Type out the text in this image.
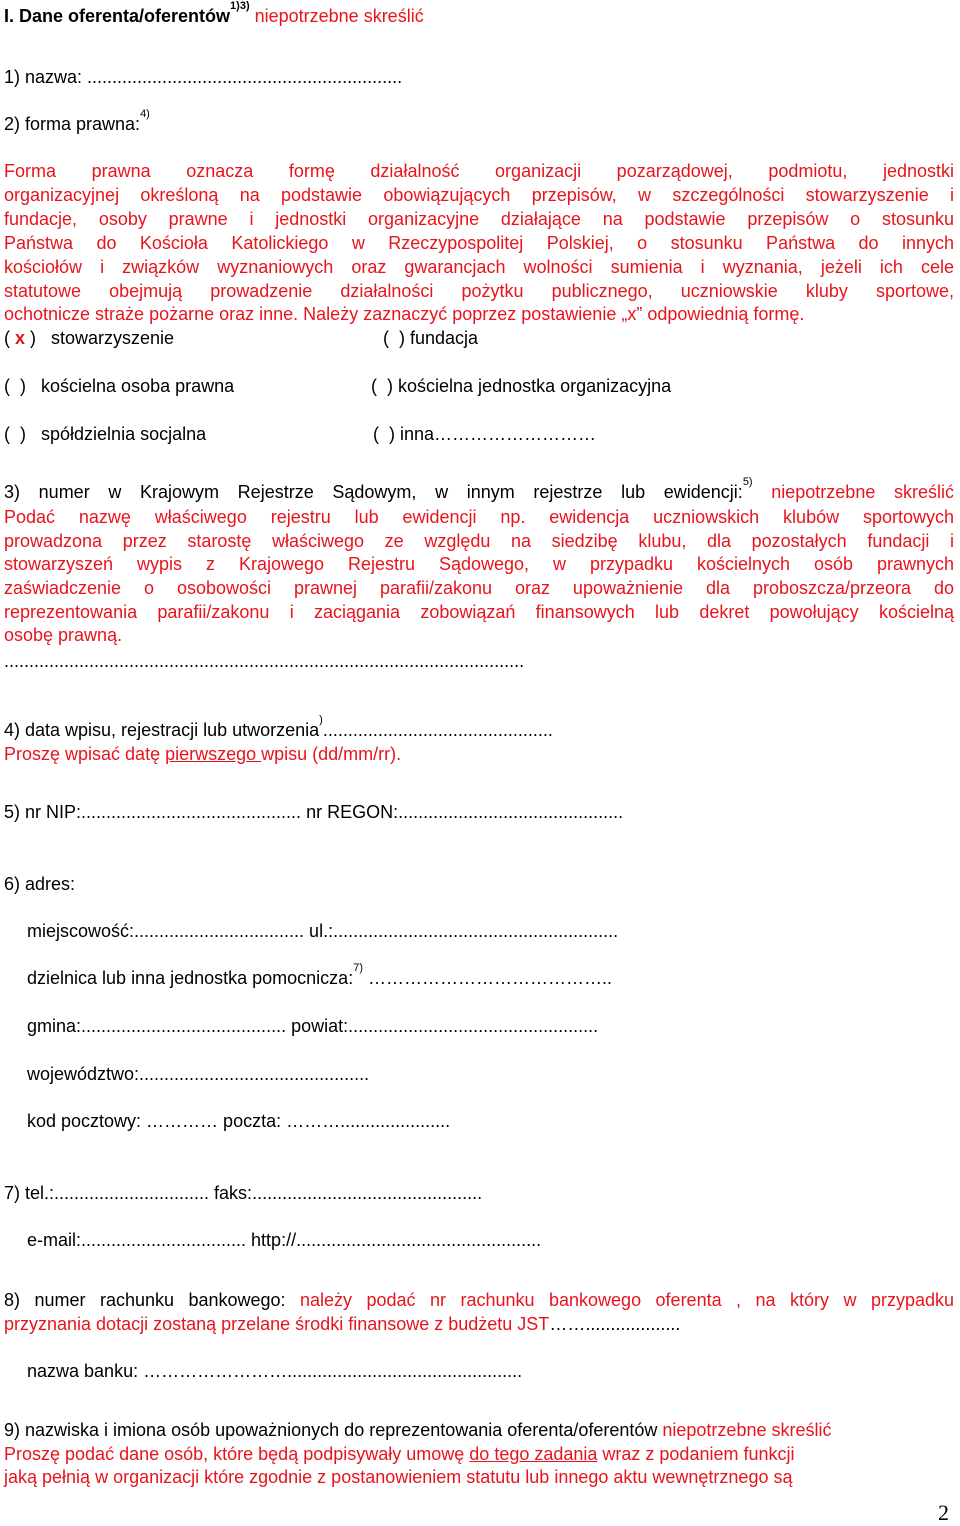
I. Dane oferenta/oferentów$^{1)3)}$ niepotrzebne skreślić
1) nazwa: ...............................................................
2) forma prawna:$^{4)}$
Forma prawna oznacza formę działalność organizacji pozarządowej, podmiotu, jednostki
organizacyjnej określoną na podstawie obowiązujących przepisów, w szczególności stowarzyszenie i
fundacje, osoby prawne i jednostki organizacyjne działające na podstawie przepisów o stosunku
Państwa do Kościoła Katolickiego w Rzeczypospolitej Polskiej, o stosunku Państwa do innych
kościołów i związków wyznaniowych oraz gwarancjach wolności sumienia i wyznania, jeżeli ich cele
statutowe obejmują prowadzenie działalności pożytku publicznego, uczniowskie kluby sportowe,
ochotnicze straże pożarne oraz inne. Należy zaznaczyć poprzez postawienie „x” odpowiednią formę.
( x )   stowarzyszenie	(  ) fundacja
(  )   kościelna osoba prawna	(  ) kościelna jednostka organizacyjna
(  )   spółdzielnia socjalna	(  ) inna………………………
3) numer w Krajowym Rejestrze Sądowym, w innym rejestrze lub ewidencji:$^{5)}$ niepotrzebne skreślić
Podać nazwę właściwego rejestru lub ewidencji np. ewidencja uczniowskich klubów sportowych
prowadzona przez starostę właściwego ze względu na siedzibę klubu, dla pozostałych fundacji i
stowarzyszeń wypis z Krajowego Rejestru Sądowego, w przypadku kościelnych osób prawnych
zaświadczenie o osobowości prawnej parafii/zakonu oraz upoważnienie dla proboszcza/przeora do
reprezentowania parafii/zakonu i zaciągania zobowiązań finansowych lub dekret powołujący kościelną
osobę prawną.
........................................................................................................
4) data wpisu, rejestracji lub utworzenia)..............................................
Proszę wpisać datę pierwszego wpisu (dd/mm/rr).
5) nr NIP:............................................ nr REGON:.............................................
6) adres:
miejscowość:.................................. ul.:.........................................................
dzielnica lub inna jednostka pomocnicza:$^{7)}$ …………………………………..
gmina:......................................... powiat:..................................................
województwo:..............................................
kod pocztowy: ………… poczta: ………......................
7) tel.:............................... faks:..............................................
e-mail:................................. http://.................................................
8) numer rachunku bankowego: należy podać nr rachunku bankowego oferenta , na który w przypadku
przyznania dotacji zostaną przelane środki finansowe z budżetu JST……...................
nazwa banku: ……………………...............................................
9) nazwiska i imiona osób upoważnionych do reprezentowania oferenta/oferentów niepotrzebne skreślić
Proszę podać dane osób, które będą podpisywały umowę do tego zadania wraz z podaniem funkcji
jaką pełnią w organizacji które zgodnie z postanowieniem statutu lub innego aktu wewnętrznego są
2
